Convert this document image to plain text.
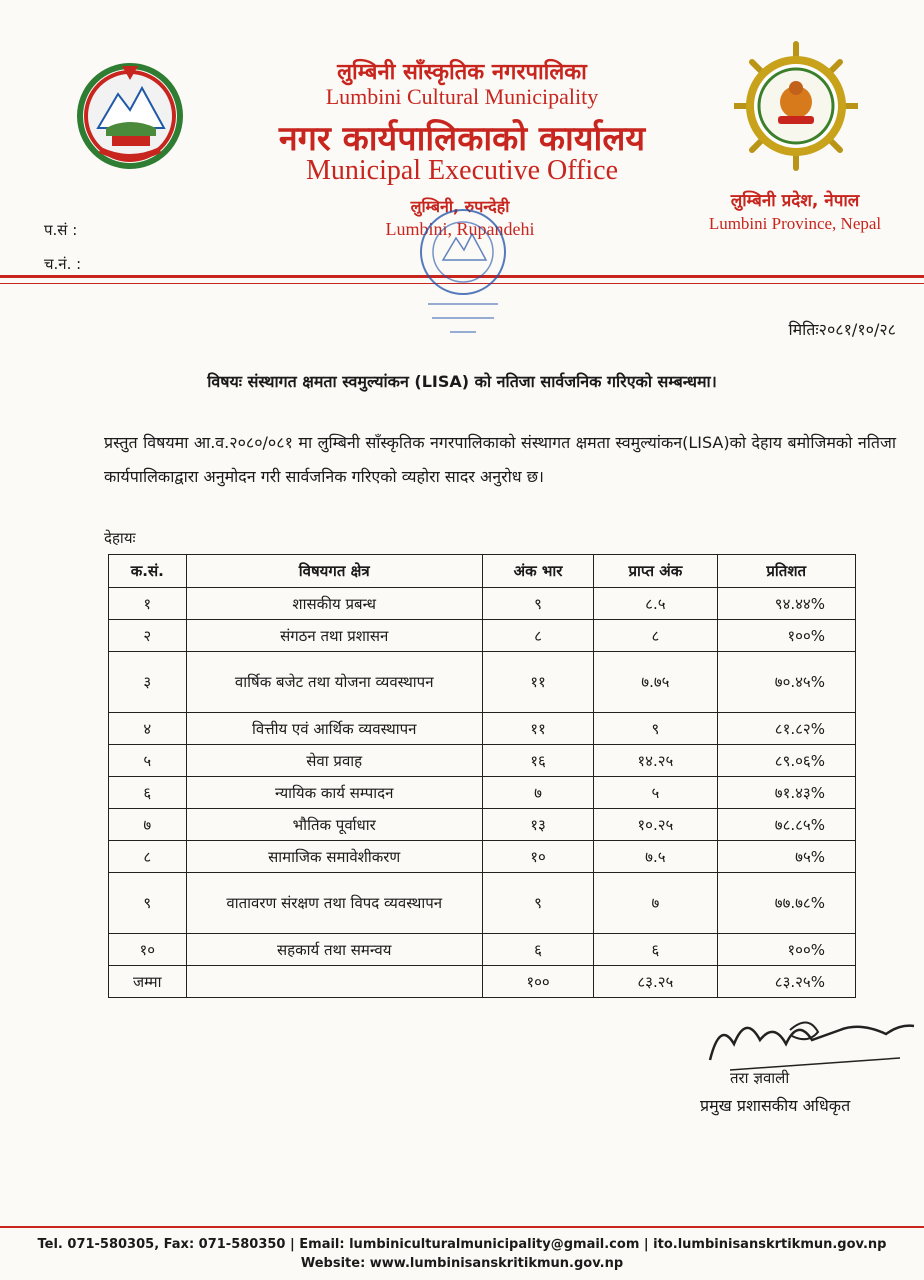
लुम्बिनी साँस्कृतिक नगरपालिका
Lumbini Cultural Municipality
नगर कार्यपालिकाको कार्यालय
Municipal Executive Office
लुम्बिनी, रुपन्देही
Lumbini, Rupandehi
लुम्बिनी प्रदेश, नेपाल
Lumbini Province, Nepal
प.सं :
च.नं. :
मितिः२०८१/१०/२८
विषयः संस्थागत क्षमता स्वमुल्यांकन (LISA) को नतिजा सार्वजनिक गरिएको सम्बन्धमा।
प्रस्तुत विषयमा आ.व.२०८०/०८१ मा लुम्बिनी साँस्कृतिक नगरपालिकाको संस्थागत क्षमता स्वमुल्यांकन(LISA)को देहाय बमोजिमको नतिजा कार्यपालिकाद्वारा अनुमोदन गरी सार्वजनिक गरिएको व्यहोरा सादर अनुरोध छ।
देहायः
क.सं.	विषयगत क्षेत्र	अंक भार	प्राप्त अंक	प्रतिशत
१	शासकीय प्रबन्ध	९	८.५	९४.४४%
२	संगठन तथा प्रशासन	८	८	१००%
३	वार्षिक बजेट तथा योजना व्यवस्थापन	११	७.७५	७०.४५%
४	वित्तीय एवं आर्थिक व्यवस्थापन	११	९	८१.८२%
५	सेवा प्रवाह	१६	१४.२५	८९.०६%
६	न्यायिक कार्य सम्पादन	७	५	७१.४३%
७	भौतिक पूर्वाधार	१३	१०.२५	७८.८५%
८	सामाजिक समावेशीकरण	१०	७.५	७५%
९	वातावरण संरक्षण तथा विपद व्यवस्थापन	९	७	७७.७८%
१०	सहकार्य तथा समन्वय	६	६	१००%
जम्मा		१००	८३.२५	८३.२५%
तरा ज्ञवाली
प्रमुख प्रशासकीय अधिकृत
Tel. 071-580305, Fax: 071-580350 | Email: lumbiniculturalmunicipality@gmail.com | ito.lumbinisanskrtikmun.gov.np
Website: www.lumbinisanskritikmun.gov.np
